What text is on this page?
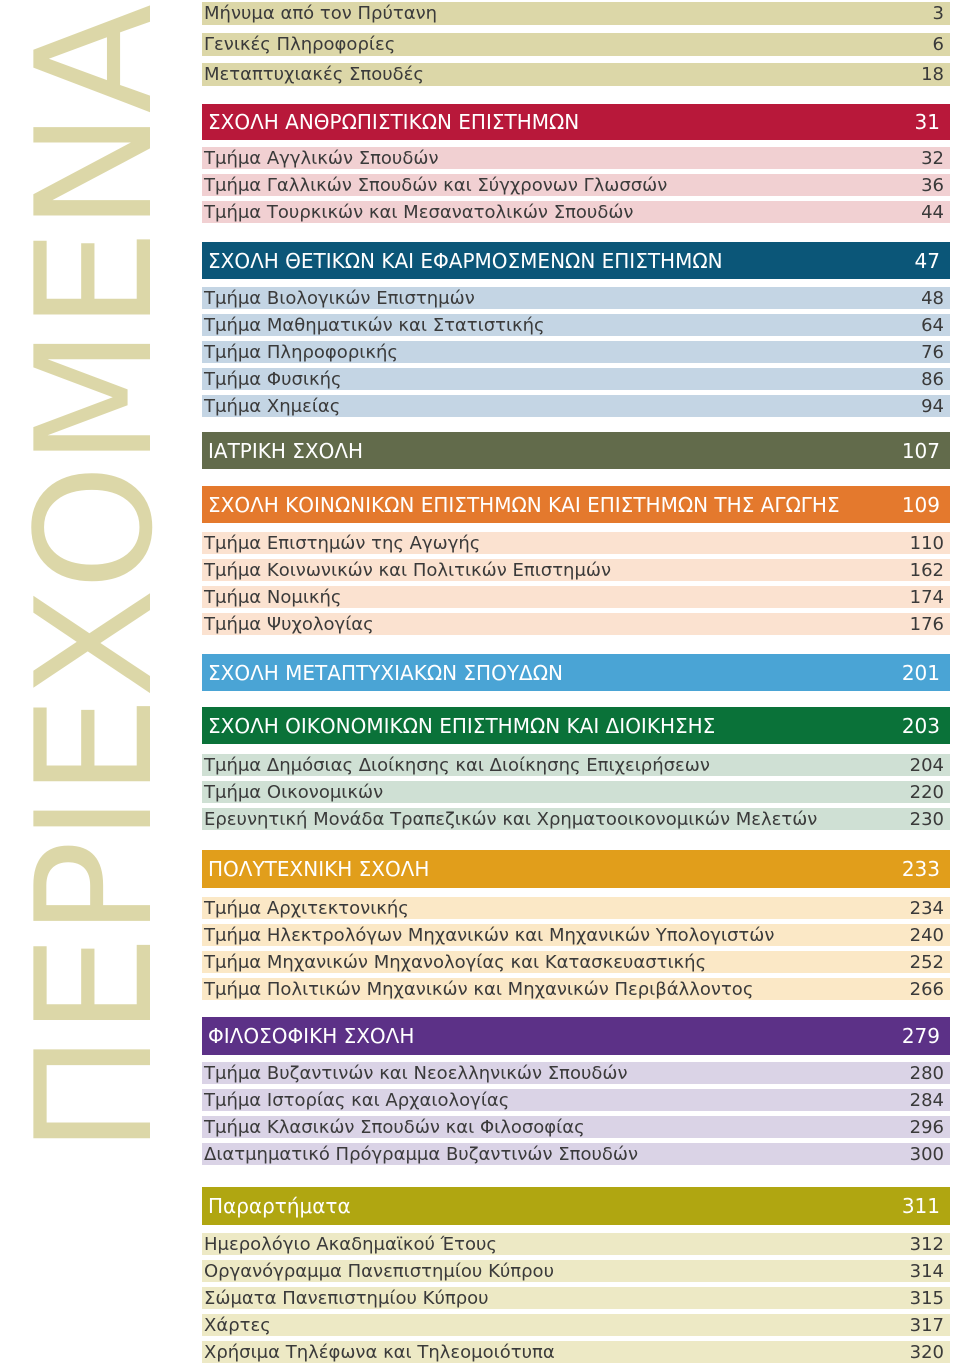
ΠΕΡΙΕΧΟΜΕΝΑ Μήνυμα από τον Πρύτανη	3
Γενικές Πληροφορίες	6
Μεταπτυχιακές Σπουδές	18
ΣΧΟΛΗ ΑΝΘΡΩΠΙΣΤΙΚΩΝ ΕΠΙΣΤΗΜΩΝ	31
Τμήμα Αγγλικών Σπουδών	32
Τμήμα Γαλλικών Σπουδών και Σύγχρονων Γλωσσών	36
Τμήμα Τουρκικών και Μεσανατολικών Σπουδών	44
ΣΧΟΛΗ ΘΕΤΙΚΩΝ ΚΑΙ ΕΦΑΡΜΟΣΜΕΝΩΝ ΕΠΙΣΤΗΜΩΝ	47
Τμήμα Βιολογικών Επιστημών	48
Τμήμα Μαθηματικών και Στατιστικής	64
Τμήμα Πληροφορικής	76
Τμήμα Φυσικής	86
Τμήμα Χημείας	94
ΙΑΤΡΙΚΗ ΣΧΟΛΗ	107
ΣΧΟΛΗ ΚΟΙΝΩΝΙΚΩΝ ΕΠΙΣΤΗΜΩΝ ΚΑΙ ΕΠΙΣΤΗΜΩΝ ΤΗΣ ΑΓΩΓΗΣ	109
Τμήμα Επιστημών της Αγωγής	110
Τμήμα Κοινωνικών και Πολιτικών Επιστημών	162
Τμήμα Νομικής	174
Τμήμα Ψυχολογίας	176
ΣΧΟΛΗ ΜΕΤΑΠΤΥΧΙΑΚΩΝ ΣΠΟΥΔΩΝ	201
ΣΧΟΛΗ ΟΙΚΟΝΟΜΙΚΩΝ ΕΠΙΣΤΗΜΩΝ ΚΑΙ ΔΙΟΙΚΗΣΗΣ	203
Τμήμα Δημόσιας Διοίκησης και Διοίκησης Επιχειρήσεων	204
Τμήμα Οικονομικών	220
Ερευνητική Μονάδα Τραπεζικών και Χρηματοοικονομικών Μελετών	230
ΠΟΛΥΤΕΧΝΙΚΗ ΣΧΟΛΗ	233
Τμήμα Αρχιτεκτονικής	234
Τμήμα Ηλεκτρολόγων Μηχανικών και Μηχανικών Υπολογιστών	240
Τμήμα Μηχανικών Μηχανολογίας και Κατασκευαστικής	252
Τμήμα Πολιτικών Μηχανικών και Μηχανικών Περιβάλλοντος	266
ΦΙΛΟΣΟΦΙΚΗ ΣΧΟΛΗ	279
Τμήμα Βυζαντινών και Νεοελληνικών Σπουδών	280
Τμήμα Ιστορίας και Αρχαιολογίας	284
Τμήμα Κλασικών Σπουδών και Φιλοσοφίας	296
Διατμηματικό Πρόγραμμα Βυζαντινών Σπουδών	300
Παραρτήματα	311
Ημερολόγιο Ακαδημαϊκού Έτους	312
Οργανόγραμμα Πανεπιστημίου Κύπρου	314
Σώματα Πανεπιστημίου Κύπρου	315
Χάρτες	317
Χρήσιμα Τηλέφωνα και Τηλεομοιότυπα	320
